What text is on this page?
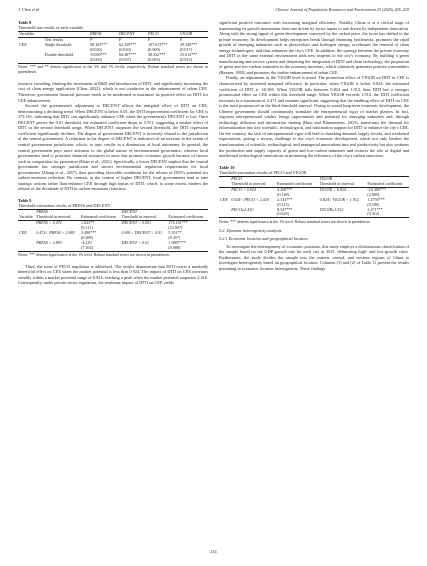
J. Chen et al.	Chinese Journal of Population, Resources and Environment 23 (2025) 205–219
Table 8
Threshold test results of each variable
Variables		PRESS	DECENT	PECO	VIGOR
	Test results	F	F	F	F
CEE	Single threshold	58.103***	62.259***	107.613***	29.540***
		(0.020)	(0.010)	(0.000)	(0.017)
	Double threshold	-0.069***	64.387***	38.332***	25.613***
		(0.003)	(0.037)	(0.003)	(0.013)
Notes: *** and ** denote significance at the 5% and 1% levels, respectively. Robust standard errors are shown in parentheses.

resource crowding, limiting the investment in R&D and introduction of DITI, and significantly increasing the cost of clean energy application (Chen, 2022), which is not conducive to the enhancement of urban CEE. Therefore, government financial pressure needs to be moderated to maximize its positive effect on DITI for CEE enhancement.

Second, the government's adjustment to DECENT affects the marginal effect of DITI on CEE, demonstrating a declining trend. When DECENT is below 0.01, the DITI improvement coefficient for CEE is 173.161, indicating that DITI can significantly enhance CEE when the government's DECENT is low. Once DECENT passes the 0.01 threshold, the estimated coefficient drops to 5.551, suggesting a weaker effect of DITI in the second threshold range. When DECENT surpasses the second threshold, the DITI regression coefficient significantly declines. The degree of government DECENT is inversely related to the jurisdiction of the central government. A reduction in the degree of DECENT is indicative of an increase in the extent of central government jurisdiction, which, in turn, results in a diminution of local autonomy. In general, the central government pays more attention to the global nature of environmental governance, whereas local governments tend to prioritize financial resources in areas that promote economic growth because of factors such as competition for promotion (Khan et al., 2021). Specifically, a lower DECENT implies that the central government has stronger jurisdiction and stricter environmental regulation requirements for local governments (Zhang et al., 2017), thus providing favorable conditions for the release of DITI's potential for carbon emission reduction. By contrast, in the context of higher DECENT, local governments tend to take strategic actions rather than enhance CEE through high inputs of DITI, which, to some extent, hinders the release of the dividends of DITI in carbon emissions reduction.

Table 9
Threshold estimation results of PRESS and DECENT
	PRESS		DECENT	
Variable	Threshold in interval	Estimated coefficient	Threshold in interval	Estimated coefficient
	PRESS < 0.472	1.823**	DECENT < 0.001	173.161***
		(0.111)		(23.907)
CEE	0.472< PRESS < 2.893	3.490***	0.001< DECENT < 0.01	5.551**
		(0.288)		(0.457)
	PRESS > 2.893	-4.229	DECENT > 0.01	1.9807***
		(7.104)		(0.088)
Notes: *** denotes significance at the 1% level. Robust standard errors are shown in parentheses.

Third, the issue of PECO regulation is addressed. The results demonstrate that DITI exerts a markedly beneficial effect on CEE when the market potential is less than 0.924. The impact of DITI on CEE increases steadily within a market potential range of 0.924, reaching a peak when the market potential surpasses 2.410. Consequently, under private sector regulation, the nonlinear impact of DITI on CEE yields

significant positive outcomes with increasing marginal efficiency. Notably, China is at a critical stage of transforming its growth momentum from one driven by factor inputs to one driven by independent innovation. Along with the strong signal of green development conveyed by the carbon price, the focus has shifted to the private economy. Its development helps enterprises break through financing bottlenecks, promotes the rapid growth of emerging industries such as photovoltaic and hydrogen energy, accelerates the renewal of clean energy technologies, and thus enhances the city's CEE. In addition, the synergy between the private economy and DITI in the same external environment adds new impetus to the city's economy. By building a green manufacturing and service system and deepening the integration of DITI and clean technology, the proportion of green and low-carbon industries in the economy increases, which ultimately generates positive externalities (Hansen, 2005) and promotes the further enhancement of urban CEE.

Finally, an adjustment in the VIGOR level is noted. The promotion effect of VIGOR on DITI in CEE is characterized by increased marginal efficiency. In particular, when VIGOR is below 0.824, the estimated coefficient of DITI is -10.380. When VIGOR falls between 0.824 and 1.912, then DITI has a stronger promotional effect on CEE within this threshold range. When VIGOR exceeds 1.912, the DITI coefficient increases to a maximum of 2.471 and remains significant, suggesting that the enabling effect of DITI on CEE is the most pronounced in the third threshold interval. Owing to sound long-term economic development, the Chinese government should continuously stimulate the entrepreneurial vigor of market players. In fact, vigorous entrepreneurial vitality brings opportunities and potential for emerging industries and, through technology diffusion and information sharing (Buss and Blumenstein, 2015), transforms the demand for informatization into key scientific, technological, and information support for DITI to enhance the city's CEE. On the contrary, the lack of entrepreneurial vigor will lead to shrinking demand, supply shocks, and weakened expectations, posing a serious challenge to the city's economic development, which not only hinders the transformation of scientific, technological, and managerial innovations into real productivity but also weakens the production and supply capacity of green and low-carbon industries and restricts the role of digital and intellectual technological innovations in promoting the efficiency of the city's carbon emissions.

Table 10
Threshold estimation results of PECO and VIGOR
	PECO		VIGOR	
	Threshold in interval	Estimated coefficient	Threshold in interval	Estimated coefficient
	PECO < 0.924	3.268***	VIGOR < 0.824	-10.380***
		(0.160)		(2.869)
CEE	0.924< PECO < 2.410	2.334***	0.824< VIGOR < 1.912	1.4794***
		(0.113)		(0.180)
	PECO≥2.410	8.347***	VIGOR≥1.912	2.471***
		(0.645)		(0.312)
Notes: *** denotes significance at the 1% level. Robust standard errors are shown in parentheses.
5.2. Dynamic heterogeneity analysis
5.2.1 Economic location and geographical location

To investigate the heterogeneity of economic positions, this study employs a dichotomous classification of the sample based on the GDP growth rate for each city in 2021, delineating high- and low-growth cities. Furthermore, the study divides the sample into the eastern, central, and western regions of China to investigate heterogeneity based on geographical location. Columns (1) and (2) of Table 11 present the results pertaining to economic location heterogeneity. These findings

214
